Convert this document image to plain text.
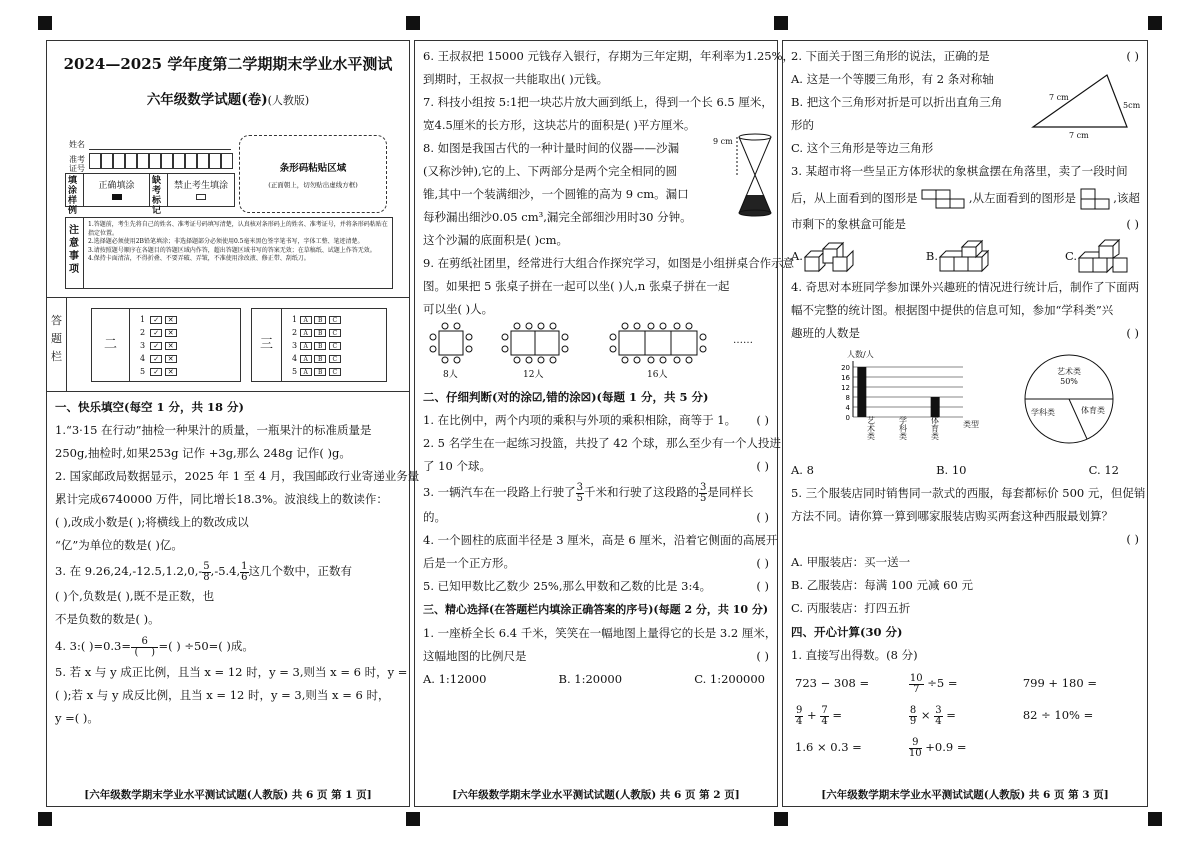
2024—2025 学年度第二学期期末学业水平测试
六年级数学试题(卷)(人教版)
姓名
准考证号
填涂样例
正确填涂	缺考标记
禁止考生填涂
条形码粘贴区域
(正面朝上，切勿贴出虚线方框)
注意事项
1.答题前，考生先将自己的姓名、准考证号码填写清楚，认真核对条形码上的姓名、准考证号，并将条形码粘贴在指定位置。
2.选择题必须使用2B铅笔填涂；非选择题部分必须使用0.5毫米黑色签字笔书写，字体工整、笔迹清楚。
3.请按照题号顺序在各题目的答题区域内作答，超出答题区域书写的答案无效；在草稿纸、试题上作答无效。
4.保持卡面清洁，不得折叠、不要弄破、弄皱，不准使用涂改液、修正带、刮纸刀。
答题栏
二
1 ✓ ✕
2 ✓ ✕
3 ✓ ✕
4 ✓ ✕
5 ✓ ✕
三
1 A B C
2 A B C
3 A B C
4 A B C
5 A B C
一、快乐填空(每空 1 分，共 18 分)
1.“3·15 在行动”抽检一种果汁的质量，一瓶果汁的标准质量是
250g,抽检时,如果253g 记作 +3g,那么 248g 记作( )g。
2. 国家邮政局数据显示，2025 年 1 至 4 月，我国邮政行业寄递业务量
累计完成6740000 万件，同比增长18.3%。波浪线上的数读作：
( ),改成小数是( );将横线上的数改成以
“亿”为单位的数是( )亿。
3. 在 $9.26,24,-12.5,1.2,0,- \frac{5}{8} ,-5.4$, $\frac{1}{6}$ 这几个数中，正数有
( )个,负数是( ),既不是正数，也
不是负数的数是( )。
4. 3:( )$=0.3= \frac{6}{( )}$ =( ) ÷50=( )成。
5. 若 x 与 y 成正比例，且当 x = 12 时，y = 3,则当 x = 6 时，y =
( );若 x 与 y 成反比例，且当 x = 12 时，y = 3,则当 x = 6 时，
y =( )。
[六年级数学期末学业水平测试试题(人教版) 共 6 页 第 1 页]
6. 王叔叔把 15000 元钱存入银行，存期为三年定期，年利率为1.25%，
到期时，王叔叔一共能取出( )元钱。
7. 科技小组按 5:1把一块芯片放大画到纸上，得到一个长 6.5 厘米，
宽4.5厘米的长方形，这块芯片的面积是( )平方厘米。
8. 如图是我国古代的一种计量时间的仪器——沙漏
(又称沙钟),它的上、下两部分是两个完全相同的圆
锥,其中一个装满细沙，一个圆锥的高为 9 cm。漏口
每秒漏出细沙0.05 cm³,漏完全部细沙用时30 分钟。
这个沙漏的底面积是( )cm。
9 cm
9. 在剪纸社团里，经常进行大组合作探究学习，如图是小组拼桌合作示意
图。如果把 5 张桌子拼在一起可以坐( )人,n 张桌子拼在一起
可以坐( )人。
8人	12人	16人
……
二、仔细判断(对的涂☑,错的涂☒)(每题 1 分，共 5 分)
1. 在比例中，两个内项的乘积与外项的乘积相除，商等于 1。 ( )
2. 5 名学生在一起练习投篮，共投了 42 个球，那么至少有一个人投进
了 10 个球。	( )
3. 一辆汽车在一段路上行驶了 $\frac{3}{5}$ 千米和行驶了这段路的 $\frac{3}{5}$ 是同样长
的。	( )
4. 一个圆柱的底面半径是 3 厘米，高是 6 厘米，沿着它侧面的高展开
后是一个正方形。	( )
5. 已知甲数比乙数少 25%,那么甲数和乙数的比是 3:4。	( )
三、精心选择(在答题栏内填涂正确答案的序号)(每题 2 分，共 10 分)
1. 一座桥全长 6.4 千米，笑笑在一幅地图上量得它的长是 3.2 厘米，
这幅地图的比例尺是	( )
A. 1:12000	B. 1:20000	C. 1:200000
[六年级数学期末学业水平测试试题(人教版) 共 6 页 第 2 页]
2. 下面关于图三角形的说法，正确的是	( )
A. 这是一个等腰三角形，有 2 条对称轴
B. 把这个三角形对折是可以折出直角三角
形的
C. 这个三角形是等边三角形
7 cm
5cm
7 cm
3. 某超市将一些呈正方体形状的象棋盒摆在角落里，卖了一段时间
后，从上面看到的图形是	,从左面看到的图形是	,该超
市剩下的象棋盒可能是	( )
A.	B.	C.
4. 奇思对本班同学参加课外兴趣班的情况进行统计后，制作了下面两
幅不完整的统计图。根据图中提供的信息可知，参加“学科类”兴
趣班的人数是	( )
人数/人
20
16
12
8
4
0
类型
艺术类
学科类
体育类
艺术类
50%
学科类	体育类
A. 8	B. 10	C. 12
5. 三个服装店同时销售同一款式的西服，每套都标价 500 元，但促销
方法不同。请你算一算到哪家服装店购买两套这种西服最划算？
( )
A. 甲服装店：买一送一
B. 乙服装店：每满 100 元减 60 元
C. 丙服装店：打四五折
四、开心计算(30 分)
1. 直接写出得数。(8 分)
723 − 308 =	$\frac{10}{7} \div 5$ =	799 + 180 =
$\frac{9}{4} + \frac{7}{4}$ =	$\frac{8}{9} \times \frac{3}{4}$ =	82 ÷ 10% =
1.6 × 0.3 =	$\frac{9}{10} +0.9$ =
[六年级数学期末学业水平测试试题(人教版) 共 6 页 第 3 页]
